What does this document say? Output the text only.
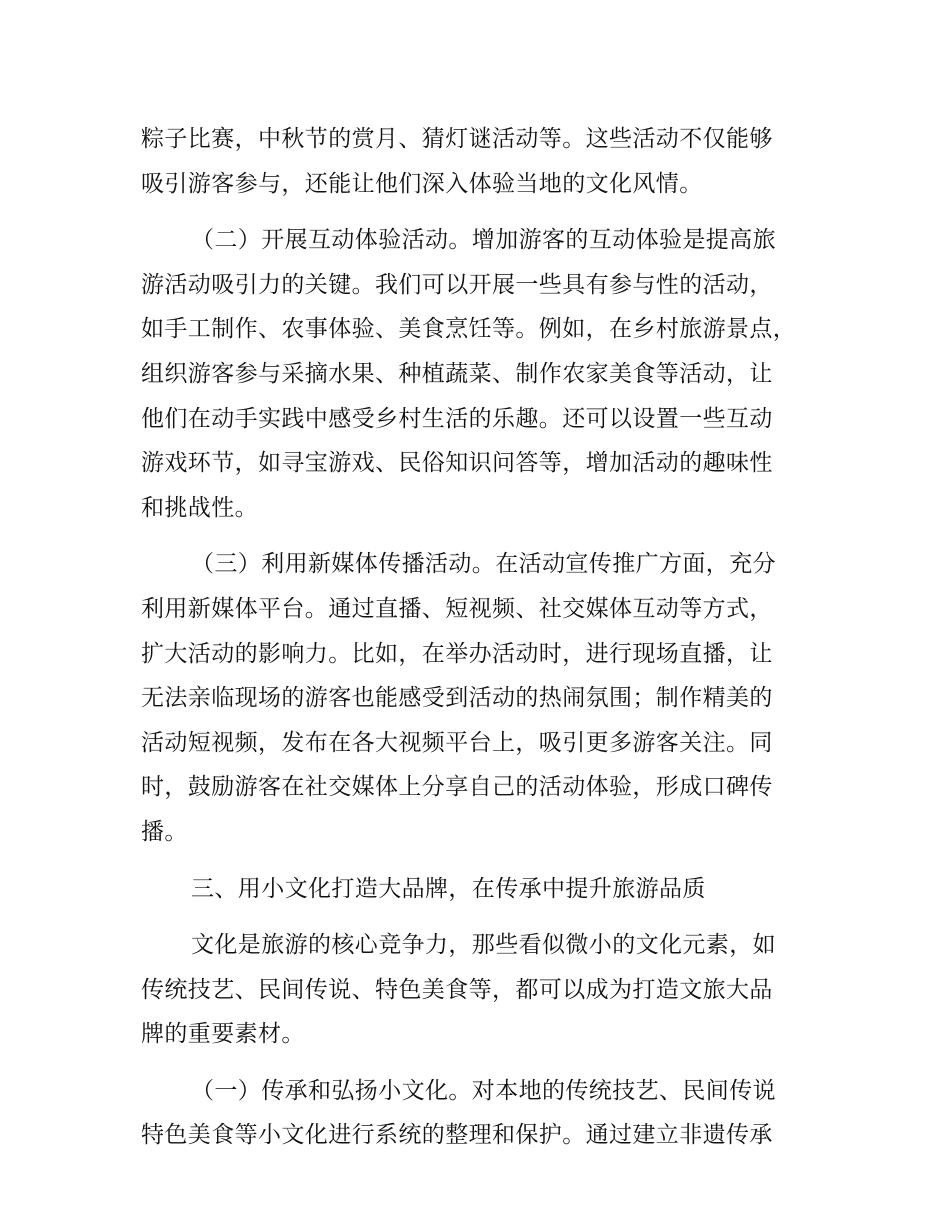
粽子比赛，中秋节的赏月、猜灯谜活动等。这些活动不仅能够
吸引游客参与，还能让他们深入体验当地的文化风情。
（二）开展互动体验活动。增加游客的互动体验是提高旅
游活动吸引力的关键。我们可以开展一些具有参与性的活动，
如手工制作、农事体验、美食烹饪等。例如，在乡村旅游景点，
组织游客参与采摘水果、种植蔬菜、制作农家美食等活动，让
他们在动手实践中感受乡村生活的乐趣。还可以设置一些互动
游戏环节，如寻宝游戏、民俗知识问答等，增加活动的趣味性
和挑战性。
（三）利用新媒体传播活动。在活动宣传推广方面，充分
利用新媒体平台。通过直播、短视频、社交媒体互动等方式，
扩大活动的影响力。比如，在举办活动时，进行现场直播，让
无法亲临现场的游客也能感受到活动的热闹氛围；制作精美的
活动短视频，发布在各大视频平台上，吸引更多游客关注。同
时，鼓励游客在社交媒体上分享自己的活动体验，形成口碑传
播。
三、用小文化打造大品牌，在传承中提升旅游品质
文化是旅游的核心竞争力，那些看似微小的文化元素，如
传统技艺、民间传说、特色美食等，都可以成为打造文旅大品
牌的重要素材。
（一）传承和弘扬小文化。对本地的传统技艺、民间传说
特色美食等小文化进行系统的整理和保护。通过建立非遗传承
